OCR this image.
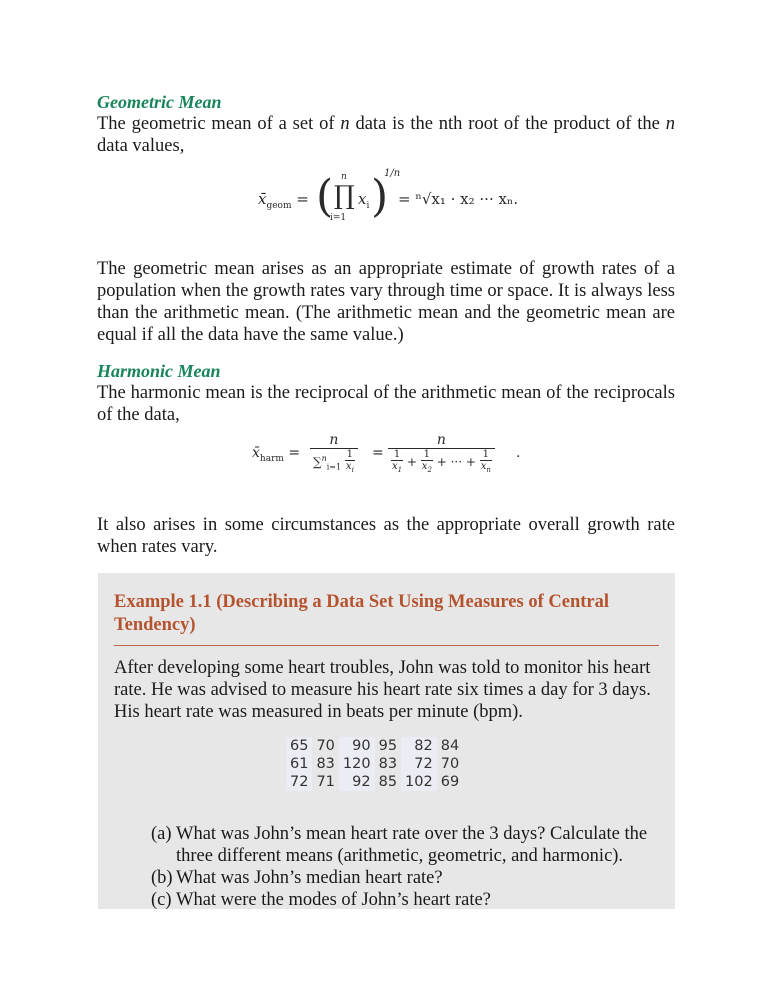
Geometric Mean

The geometric mean of a set of n data is the nth root of the product of the n data values,

$x̄_{geom}$ = ( n
∏
i=1
$x_i$ )
1/n
= ⁿ√x₁ · x₂ ··· xₙ.

The geometric mean arises as an appropriate estimate of growth rates of a population when the growth rates vary through time or space. It is always less than the arithmetic mean. (The arithmetic mean and the geometric mean are equal if all the data have the same value.)

Harmonic Mean

The harmonic mean is the reciprocal of the arithmetic mean of the reciprocals of the data,

$x̄_{harm} = \frac{n}{\sum^n_{i=1} \frac{1}{x_i}} = \frac{n}{\frac{1}{x_1} + \frac{1}{x_2} + \cdot\cdot\cdot + \frac{1}{x_n}}$ .

It also arises in some circumstances as the appropriate overall growth rate when rates vary.

Example 1.1 (Describing a Data Set Using Measures of Central Tendency)

After developing some heart troubles, John was told to monitor his heart rate. He was advised to measure his heart rate six times a day for 3 days. His heart rate was measured in beats per minute (bpm).

65	70	90	95	82	84
61	83	120	83	72	70
72	71	92	85	102	69
(a) What was John’s mean heart rate over the 3 days? Calculate the three different means (arithmetic, geometric, and harmonic).
(b) What was John’s median heart rate?
(c) What were the modes of John’s heart rate?
